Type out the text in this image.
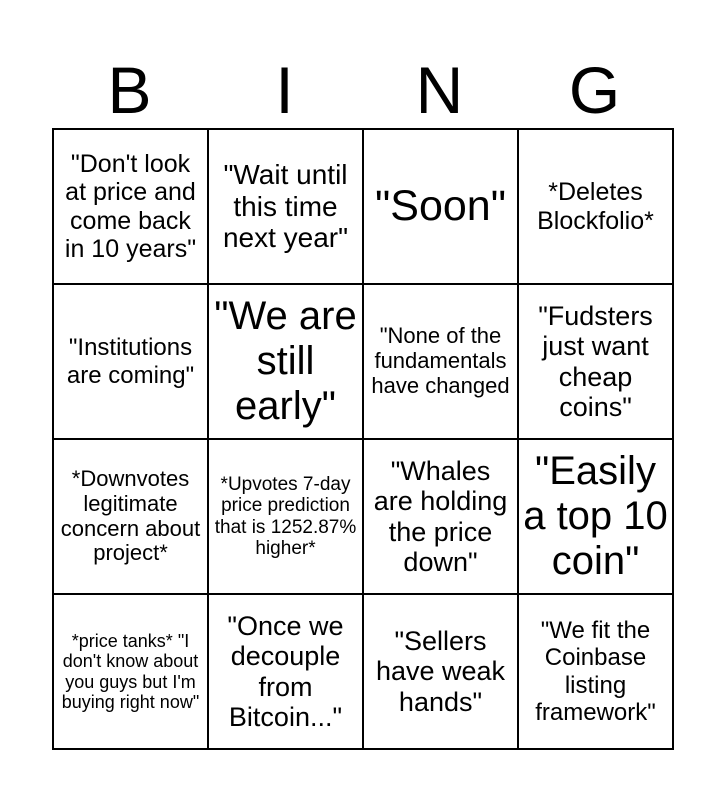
B	I	N	G
"Don't look at price and come back in 10 years"	"Wait until this time next year"	"Soon"	*Deletes Blockfolio*
"Institutions are coming"	"We are still early"	"None of the fundamentals have changed	"Fudsters just want cheap coins"
*Downvotes legitimate concern about project*	*Upvotes 7-day price prediction that is 1252.87% higher*	"Whales are holding the price down"	"Easily a top 10 coin"
*price tanks* "I don't know about you guys but I'm buying right now"	"Once we decouple from Bitcoin..."	"Sellers have weak hands"	"We fit the Coinbase listing framework"
